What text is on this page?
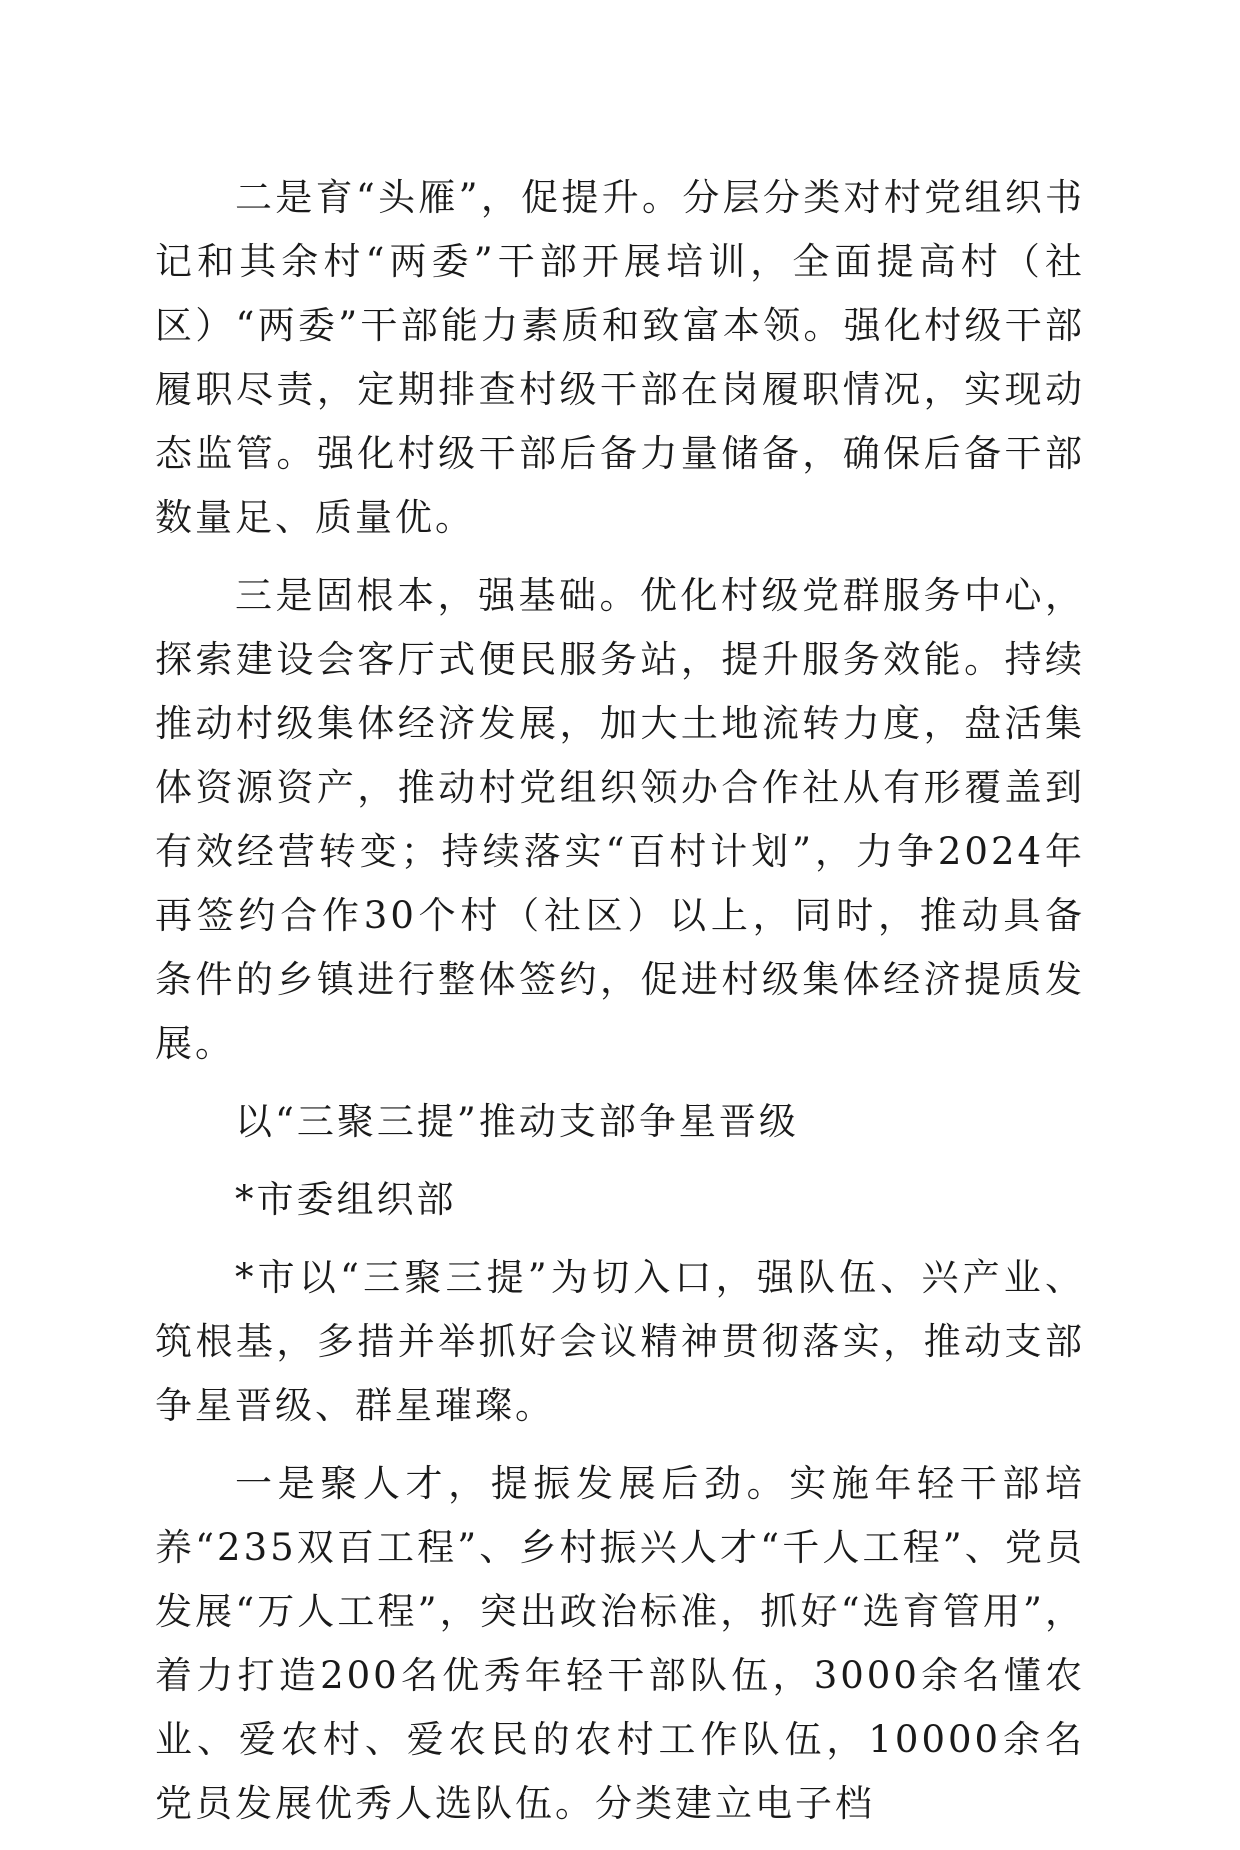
二是育“头雁”，促提升。分层分类对村党组织书记和其余村“两委”干部开展培训，全面提高村（社区）“两委”干部能力素质和致富本领。强化村级干部履职尽责，定期排查村级干部在岗履职情况，实现动态监管。强化村级干部后备力量储备，确保后备干部数量足、质量优。

三是固根本，强基础。优化村级党群服务中心，探索建设会客厅式便民服务站，提升服务效能。持续推动村级集体经济发展，加大土地流转力度，盘活集体资源资产，推动村党组织领办合作社从有形覆盖到有效经营转变；持续落实“百村计划”，力争2024年再签约合作30个村（社区）以上，同时，推动具备条件的乡镇进行整体签约，促进村级集体经济提质发展。

以“三聚三提”推动支部争星晋级

*市委组织部

*市以“三聚三提”为切入口，强队伍、兴产业、筑根基，多措并举抓好会议精神贯彻落实，推动支部争星晋级、群星璀璨。

一是聚人才，提振发展后劲。实施年轻干部培养“235双百工程”、乡村振兴人才“千人工程”、党员发展“万人工程”，突出政治标准，抓好“选育管用”，着力打造200名优秀年轻干部队伍，3000余名懂农业、爱农村、爱农民的农村工作队伍，10000余名党员发展优秀人选队伍。分类建立电子档
